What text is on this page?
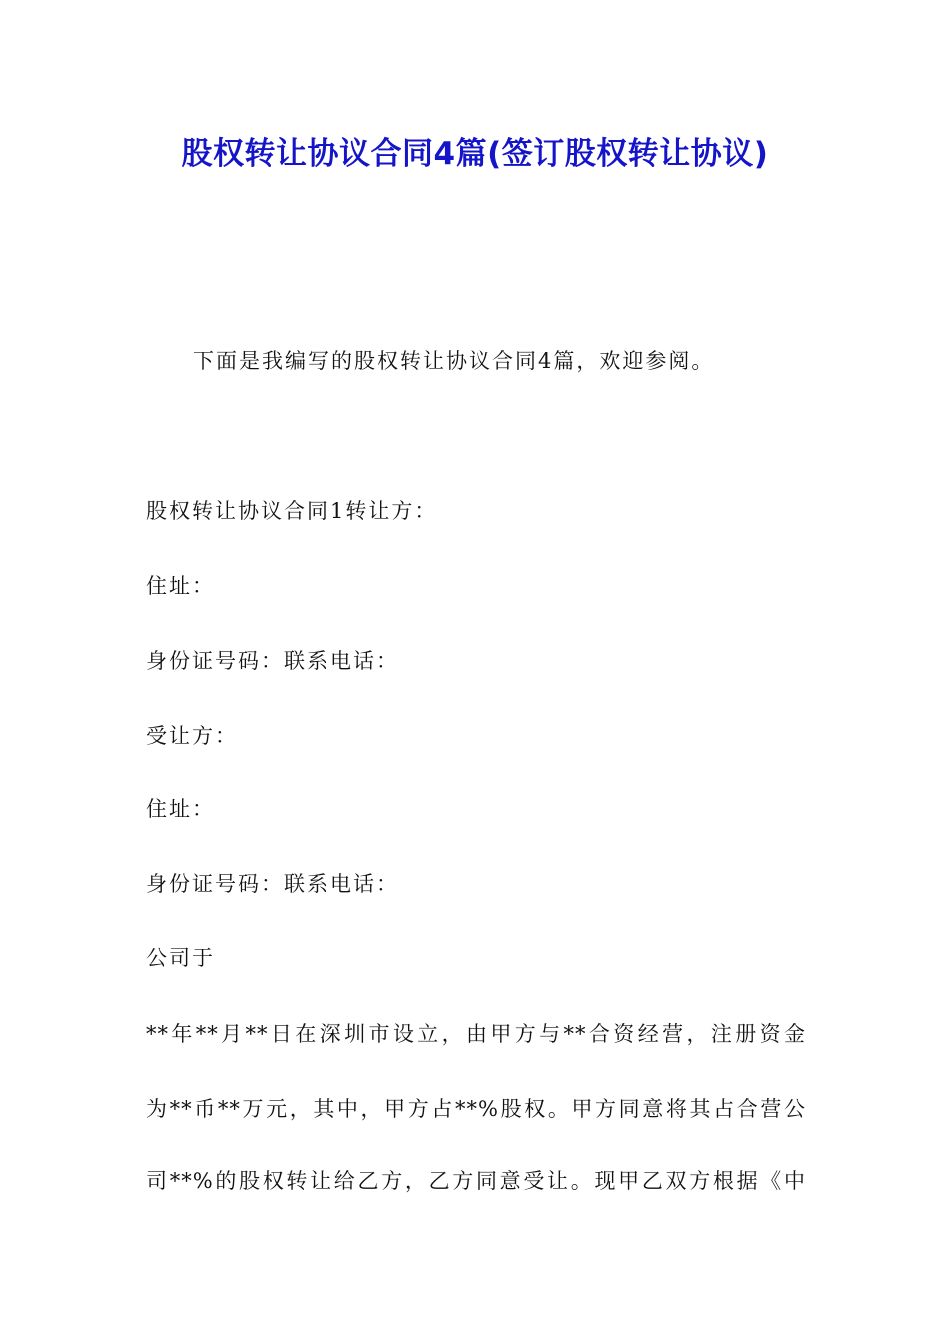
股权转让协议合同4篇(签订股权转让协议)

下面是我编写的股权转让协议合同4篇，欢迎参阅。

股权转让协议合同1转让方：

住址：

身份证号码：联系电话：

受让方：

住址：

身份证号码：联系电话：

公司于

**年**月**日在深圳市设立，由甲方与**合资经营，注册资金

为**币**万元，其中，甲方占**%股权。甲方同意将其占合营公

司**%的股权转让给乙方，乙方同意受让。现甲乙双方根据《中
